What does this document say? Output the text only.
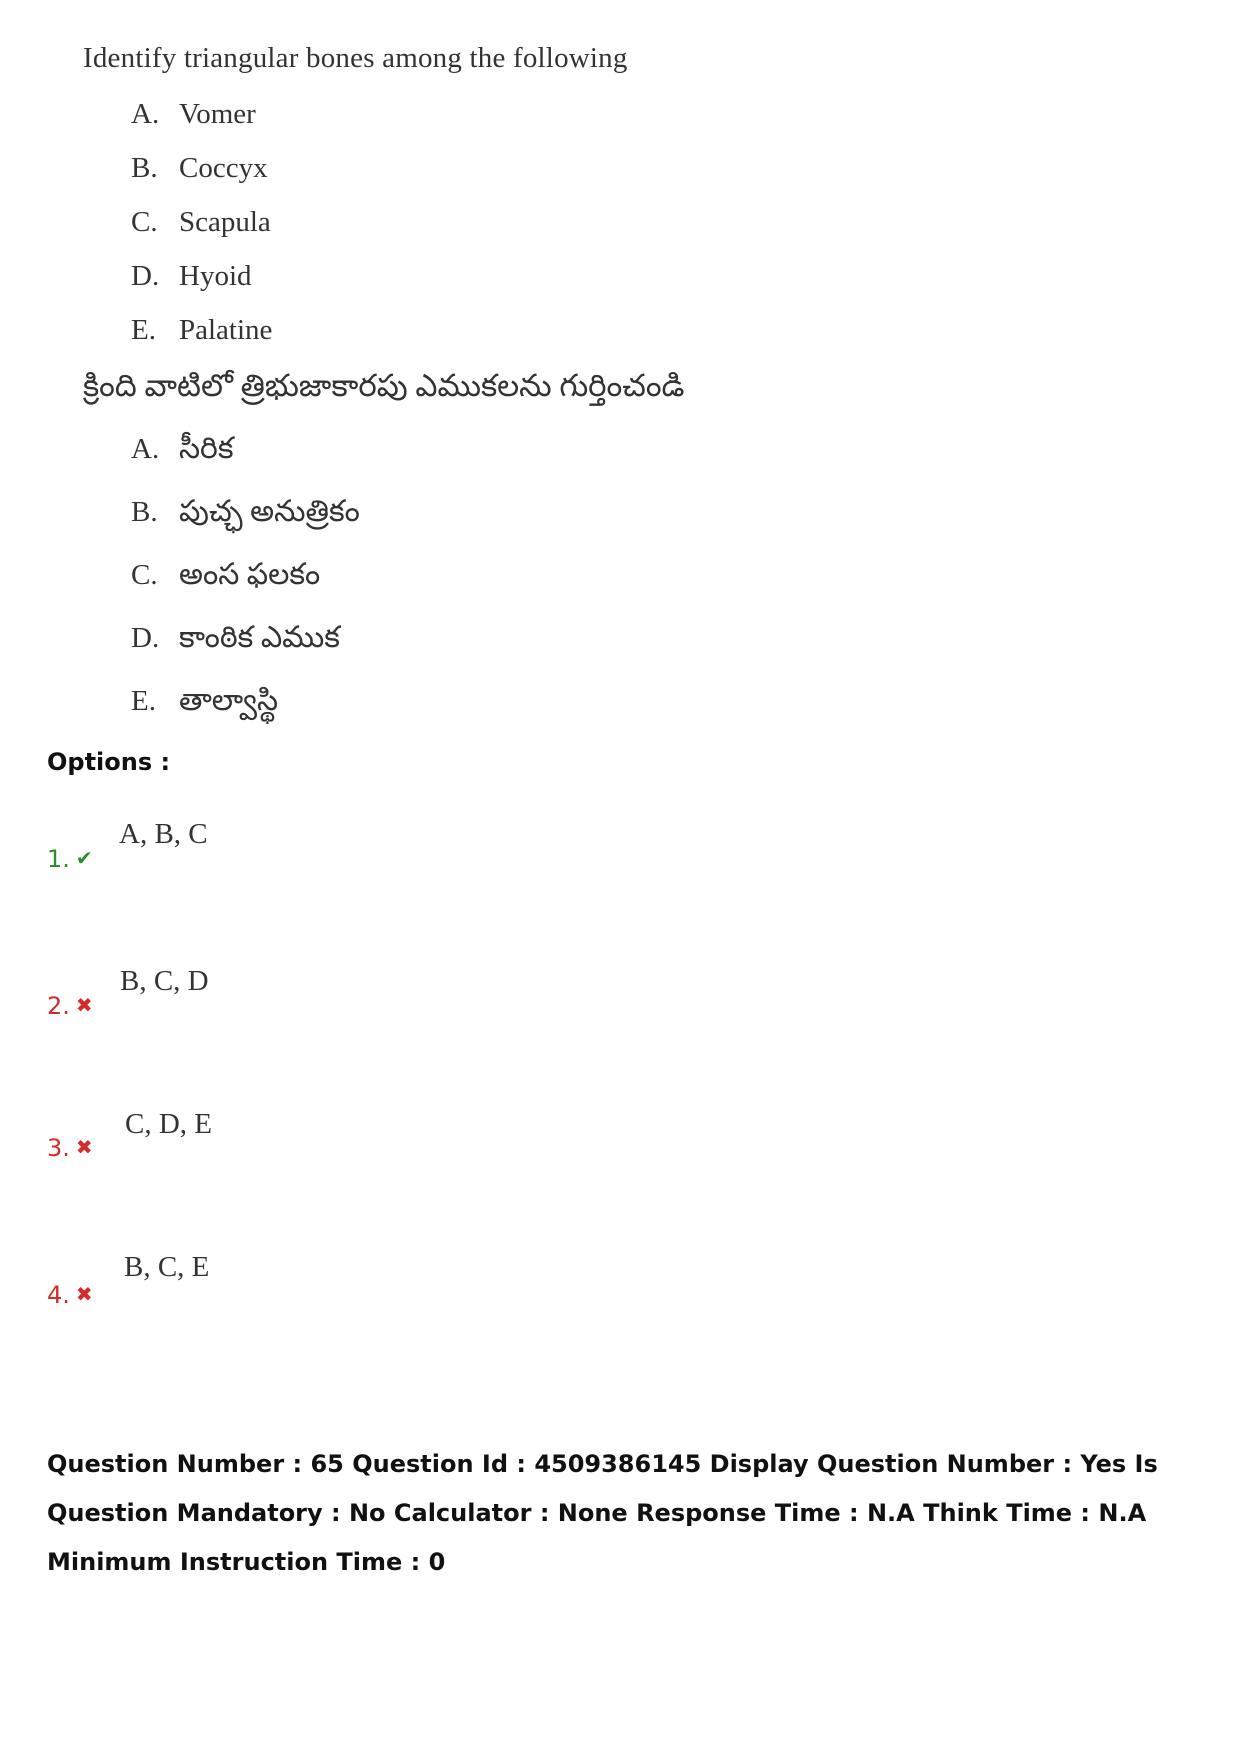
Identify triangular bones among the following
A. Vomer
B. Coccyx
C. Scapula
D. Hyoid
E. Palatine
క్రింది వాటిలో త్రిభుజాకారపు ఎముకలను గుర్తించండి
A. సీరిక
B. పుచ్ఛ అనుత్రికం
C. అంస ఫలకం
D. కాంఠిక ఎముక
E. తాల్వాస్థి
Options :
1. ✔
A, B, C
2. ✖
B, C, D
3. ✖
C, D, E
4. ✖
B, C, E
Question Number : 65 Question Id : 4509386145 Display Question Number : Yes Is Question Mandatory : No Calculator : None Response Time : N.A Think Time : N.A Minimum Instruction Time : 0
